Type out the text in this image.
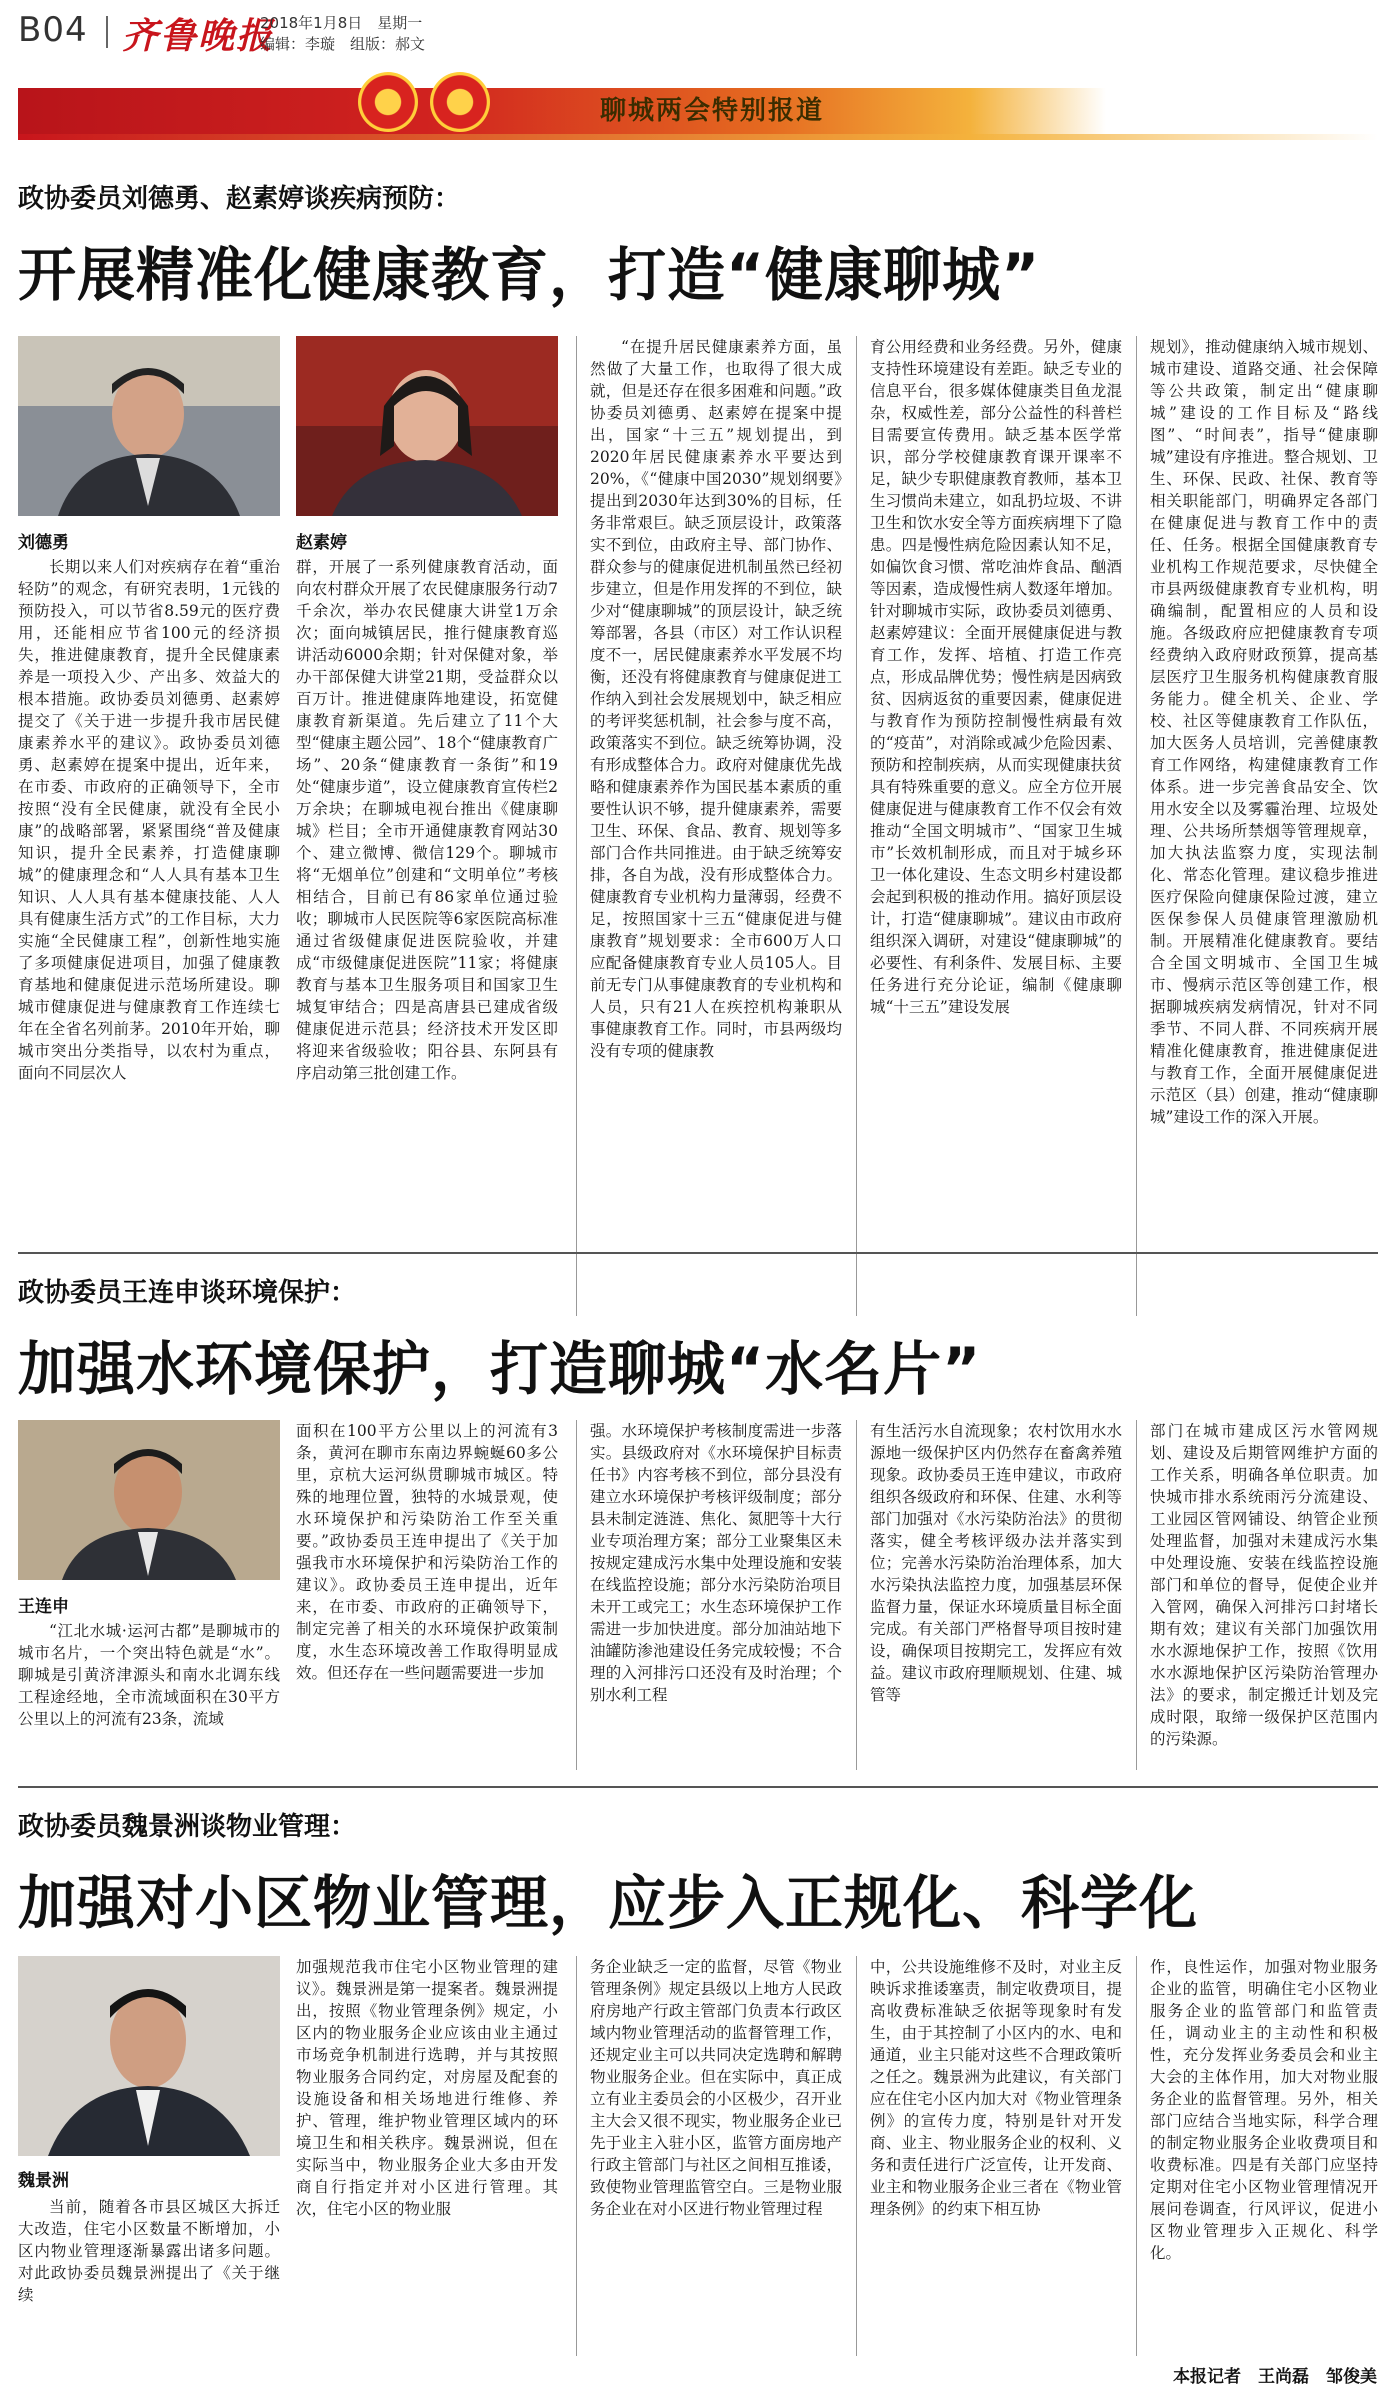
B04 齐鲁晚报
2018年1月8日　星期一
编辑：李璇　组版：郝文
聊城两会特别报道
政协委员刘德勇、赵素婷谈疾病预防：
开展精准化健康教育，打造“健康聊城”
刘德勇	赵素婷

长期以来人们对疾病存在着“重治轻防”的观念，有研究表明，1元钱的预防投入，可以节省8.59元的医疗费用，还能相应节省100元的经济损失，推进健康教育，提升全民健康素养是一项投入少、产出多、效益大的根本措施。政协委员刘德勇、赵素婷提交了《关于进一步提升我市居民健康素养水平的建议》。政协委员刘德勇、赵素婷在提案中提出，近年来，在市委、市政府的正确领导下，全市按照“没有全民健康，就没有全民小康”的战略部署，紧紧围绕“普及健康知识，提升全民素养，打造健康聊城”的健康理念和“人人具有基本卫生知识、人人具有基本健康技能、人人具有健康生活方式”的工作目标，大力实施“全民健康工程”，创新性地实施了多项健康促进项目，加强了健康教育基地和健康促进示范场所建设。聊城市健康促进与健康教育工作连续七年在全省名列前茅。2010年开始，聊城市突出分类指导，以农村为重点，面向不同层次人

群，开展了一系列健康教育活动，面向农村群众开展了农民健康服务行动7千余次，举办农民健康大讲堂1万余次；面向城镇居民，推行健康教育巡讲活动6000余期；针对保健对象，举办干部保健大讲堂21期，受益群众以百万计。推进健康阵地建设，拓宽健康教育新渠道。先后建立了11个大型“健康主题公园”、18个“健康教育广场”、20条“健康教育一条街”和19处“健康步道”，设立健康教育宣传栏2万余块；在聊城电视台推出《健康聊城》栏目；全市开通健康教育网站30个、建立微博、微信129个。聊城市将“无烟单位”创建和“文明单位”考核相结合，目前已有86家单位通过验收；聊城市人民医院等6家医院高标准通过省级健康促进医院验收，并建成“市级健康促进医院”11家；将健康教育与基本卫生服务项目和国家卫生城复审结合；四是高唐县已建成省级健康促进示范县；经济技术开发区即将迎来省级验收；阳谷县、东阿县有序启动第三批创建工作。

“在提升居民健康素养方面，虽然做了大量工作，也取得了很大成就，但是还存在很多困难和问题。”政协委员刘德勇、赵素婷在提案中提出，国家“十三五”规划提出，到2020年居民健康素养水平要达到20%，《“健康中国2030”规划纲要》提出到2030年达到30%的目标，任务非常艰巨。缺乏顶层设计，政策落实不到位，由政府主导、部门协作、群众参与的健康促进机制虽然已经初步建立，但是作用发挥的不到位，缺少对“健康聊城”的顶层设计，缺乏统筹部署，各县（市区）对工作认识程度不一，居民健康素养水平发展不均衡，还没有将健康教育与健康促进工作纳入到社会发展规划中，缺乏相应的考评奖惩机制，社会参与度不高，政策落实不到位。缺乏统筹协调，没有形成整体合力。政府对健康优先战略和健康素养作为国民基本素质的重要性认识不够，提升健康素养，需要卫生、环保、食品、教育、规划等多部门合作共同推进。由于缺乏统筹安排，各自为战，没有形成整体合力。健康教育专业机构力量薄弱，经费不足，按照国家十三五“健康促进与健康教育”规划要求：全市600万人口应配备健康教育专业人员105人。目前无专门从事健康教育的专业机构和人员，只有21人在疾控机构兼职从事健康教育工作。同时，市县两级均没有专项的健康教

育公用经费和业务经费。另外，健康支持性环境建设有差距。缺乏专业的信息平台，很多媒体健康类目鱼龙混杂，权威性差，部分公益性的科普栏目需要宣传费用。缺乏基本医学常识，部分学校健康教育课开课率不足，缺少专职健康教育教师，基本卫生习惯尚未建立，如乱扔垃圾、不讲卫生和饮水安全等方面疾病埋下了隐患。四是慢性病危险因素认知不足，如偏饮食习惯、常吃油炸食品、酗酒等因素，造成慢性病人数逐年增加。针对聊城市实际，政协委员刘德勇、赵素婷建议：全面开展健康促进与教育工作，发挥、培植、打造工作亮点，形成品牌优势；慢性病是因病致贫、因病返贫的重要因素，健康促进与教育作为预防控制慢性病最有效的“疫苗”，对消除或减少危险因素、预防和控制疾病，从而实现健康扶贫具有特殊重要的意义。应全方位开展健康促进与健康教育工作不仅会有效推动“全国文明城市”、“国家卫生城市”长效机制形成，而且对于城乡环卫一体化建设、生态文明乡村建设都会起到积极的推动作用。搞好顶层设计，打造“健康聊城”。建议由市政府组织深入调研，对建设“健康聊城”的必要性、有利条件、发展目标、主要任务进行充分论证，编制《健康聊城“十三五”建设发展

规划》，推动健康纳入城市规划、城市建设、道路交通、社会保障等公共政策，制定出“健康聊城”建设的工作目标及“路线图”、“时间表”，指导“健康聊城”建设有序推进。整合规划、卫生、环保、民政、社保、教育等相关职能部门，明确界定各部门在健康促进与教育工作中的责任、任务。根据全国健康教育专业机构工作规范要求，尽快健全市县两级健康教育专业机构，明确编制，配置相应的人员和设施。各级政府应把健康教育专项经费纳入政府财政预算，提高基层医疗卫生服务机构健康教育服务能力。健全机关、企业、学校、社区等健康教育工作队伍，加大医务人员培训，完善健康教育工作网络，构建健康教育工作体系。进一步完善食品安全、饮用水安全以及雾霾治理、垃圾处理、公共场所禁烟等管理规章，加大执法监察力度，实现法制化、常态化管理。建议稳步推进医疗保险向健康保险过渡，建立医保参保人员健康管理激励机制。开展精准化健康教育。要结合全国文明城市、全国卫生城市、慢病示范区等创建工作，根据聊城疾病发病情况，针对不同季节、不同人群、不同疾病开展精准化健康教育，推进健康促进与教育工作，全面开展健康促进示范区（县）创建，推动“健康聊城”建设工作的深入开展。

政协委员王连申谈环境保护：
加强水环境保护，打造聊城“水名片”
王连申

“江北水城·运河古都”是聊城市的城市名片，一个突出特色就是“水”。聊城是引黄济津源头和南水北调东线工程途经地，全市流域面积在30平方公里以上的河流有23条，流域

面积在100平方公里以上的河流有3条，黄河在聊市东南边界蜿蜒60多公里，京杭大运河纵贯聊城市城区。特殊的地理位置，独特的水城景观，使水环境保护和污染防治工作至关重要。”政协委员王连申提出了《关于加强我市水环境保护和污染防治工作的建议》。政协委员王连申提出，近年来，在市委、市政府的正确领导下，制定完善了相关的水环境保护政策制度，水生态环境改善工作取得明显成效。但还存在一些问题需要进一步加

强。水环境保护考核制度需进一步落实。县级政府对《水环境保护目标责任书》内容考核不到位，部分县没有建立水环境保护考核评级制度；部分县未制定涟涟、焦化、氮肥等十大行业专项治理方案；部分工业聚集区未按规定建成污水集中处理设施和安装在线监控设施；部分水污染防治项目未开工或完工；水生态环境保护工作需进一步加快进度。部分加油站地下油罐防渗池建设任务完成较慢；不合理的入河排污口还没有及时治理；个别水利工程

有生活污水自流现象；农村饮用水水源地一级保护区内仍然存在畜禽养殖现象。政协委员王连申建议，市政府组织各级政府和环保、住建、水利等部门加强对《水污染防治法》的贯彻落实，健全考核评级办法并落实到位；完善水污染防治治理体系，加大水污染执法监控力度，加强基层环保监督力量，保证水环境质量目标全面完成。有关部门严格督导项目按时建设，确保项目按期完工，发挥应有效益。建议市政府理顺规划、住建、城管等

部门在城市建成区污水管网规划、建设及后期管网维护方面的工作关系，明确各单位职责。加快城市排水系统雨污分流建设、工业园区管网铺设、纳管企业预处理监督，加强对未建成污水集中处理设施、安装在线监控设施部门和单位的督导，促使企业并入管网，确保入河排污口封堵长期有效；建议有关部门加强饮用水水源地保护工作，按照《饮用水水源地保护区污染防治管理办法》的要求，制定搬迁计划及完成时限，取缔一级保护区范围内的污染源。

政协委员魏景洲谈物业管理：
加强对小区物业管理，应步入正规化、科学化
魏景洲

当前，随着各市县区城区大拆迁大改造，住宅小区数量不断增加，小区内物业管理逐渐暴露出诸多问题。对此政协委员魏景洲提出了《关于继续

加强规范我市住宅小区物业管理的建议》。魏景洲是第一提案者。魏景洲提出，按照《物业管理条例》规定，小区内的物业服务企业应该由业主通过市场竞争机制进行选聘，并与其按照物业服务合同约定，对房屋及配套的设施设备和相关场地进行维修、养护、管理，维护物业管理区域内的环境卫生和相关秩序。魏景洲说，但在实际当中，物业服务企业大多由开发商自行指定并对小区进行管理。其次，住宅小区的物业服

务企业缺乏一定的监督，尽管《物业管理条例》规定县级以上地方人民政府房地产行政主管部门负责本行政区域内物业管理活动的监督管理工作，还规定业主可以共同决定选聘和解聘物业服务企业。但在实际中，真正成立有业主委员会的小区极少，召开业主大会又很不现实，物业服务企业已先于业主入驻小区，监管方面房地产行政主管部门与社区之间相互推诿，致使物业管理监管空白。三是物业服务企业在对小区进行物业管理过程

中，公共设施维修不及时，对业主反映诉求推诿塞责，制定收费项目，提高收费标准缺乏依据等现象时有发生，由于其控制了小区内的水、电和通道，业主只能对这些不合理政策听之任之。魏景洲为此建议，有关部门应在住宅小区内加大对《物业管理条例》的宣传力度，特别是针对开发商、业主、物业服务企业的权利、义务和责任进行广泛宣传，让开发商、业主和物业服务企业三者在《物业管理条例》的约束下相互协

作，良性运作，加强对物业服务企业的监管，明确住宅小区物业服务企业的监管部门和监管责任，调动业主的主动性和积极性，充分发挥业务委员会和业主大会的主体作用，加大对物业服务企业的监督管理。另外，相关部门应结合当地实际，科学合理的制定物业服务企业收费项目和收费标准。四是有关部门应坚持定期对住宅小区物业管理情况开展问卷调查，行风评议，促进小区物业管理步入正规化、科学化。

本报记者　王尚磊　邹俊美
